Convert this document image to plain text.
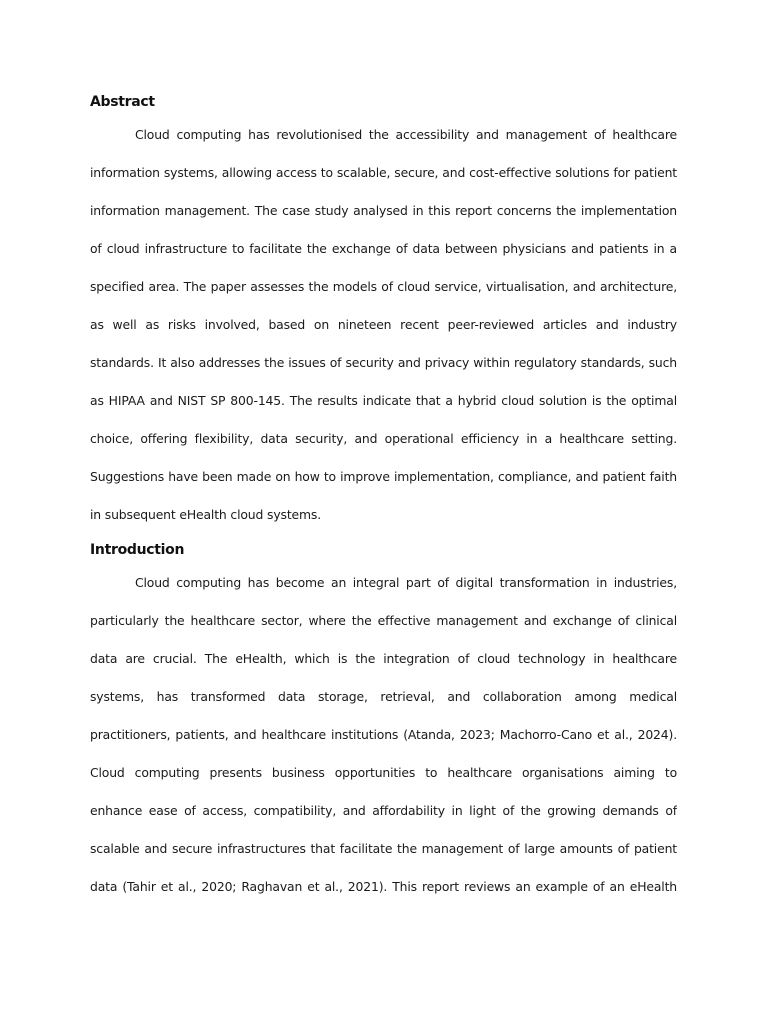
Abstract
Cloud computing has revolutionised the accessibility and management of healthcare
information systems, allowing access to scalable, secure, and cost-effective solutions for patient
information management. The case study analysed in this report concerns the implementation
of cloud infrastructure to facilitate the exchange of data between physicians and patients in a
specified area. The paper assesses the models of cloud service, virtualisation, and architecture,
as well as risks involved, based on nineteen recent peer-reviewed articles and industry
standards. It also addresses the issues of security and privacy within regulatory standards, such
as HIPAA and NIST SP 800-145. The results indicate that a hybrid cloud solution is the optimal
choice, offering flexibility, data security, and operational efficiency in a healthcare setting.
Suggestions have been made on how to improve implementation, compliance, and patient faith
in subsequent eHealth cloud systems.
Introduction
Cloud computing has become an integral part of digital transformation in industries,
particularly the healthcare sector, where the effective management and exchange of clinical
data are crucial. The eHealth, which is the integration of cloud technology in healthcare
systems, has transformed data storage, retrieval, and collaboration among medical
practitioners, patients, and healthcare institutions (Atanda, 2023; Machorro-Cano et al., 2024).
Cloud computing presents business opportunities to healthcare organisations aiming to
enhance ease of access, compatibility, and affordability in light of the growing demands of
scalable and secure infrastructures that facilitate the management of large amounts of patient
data (Tahir et al., 2020; Raghavan et al., 2021). This report reviews an example of an eHealth
